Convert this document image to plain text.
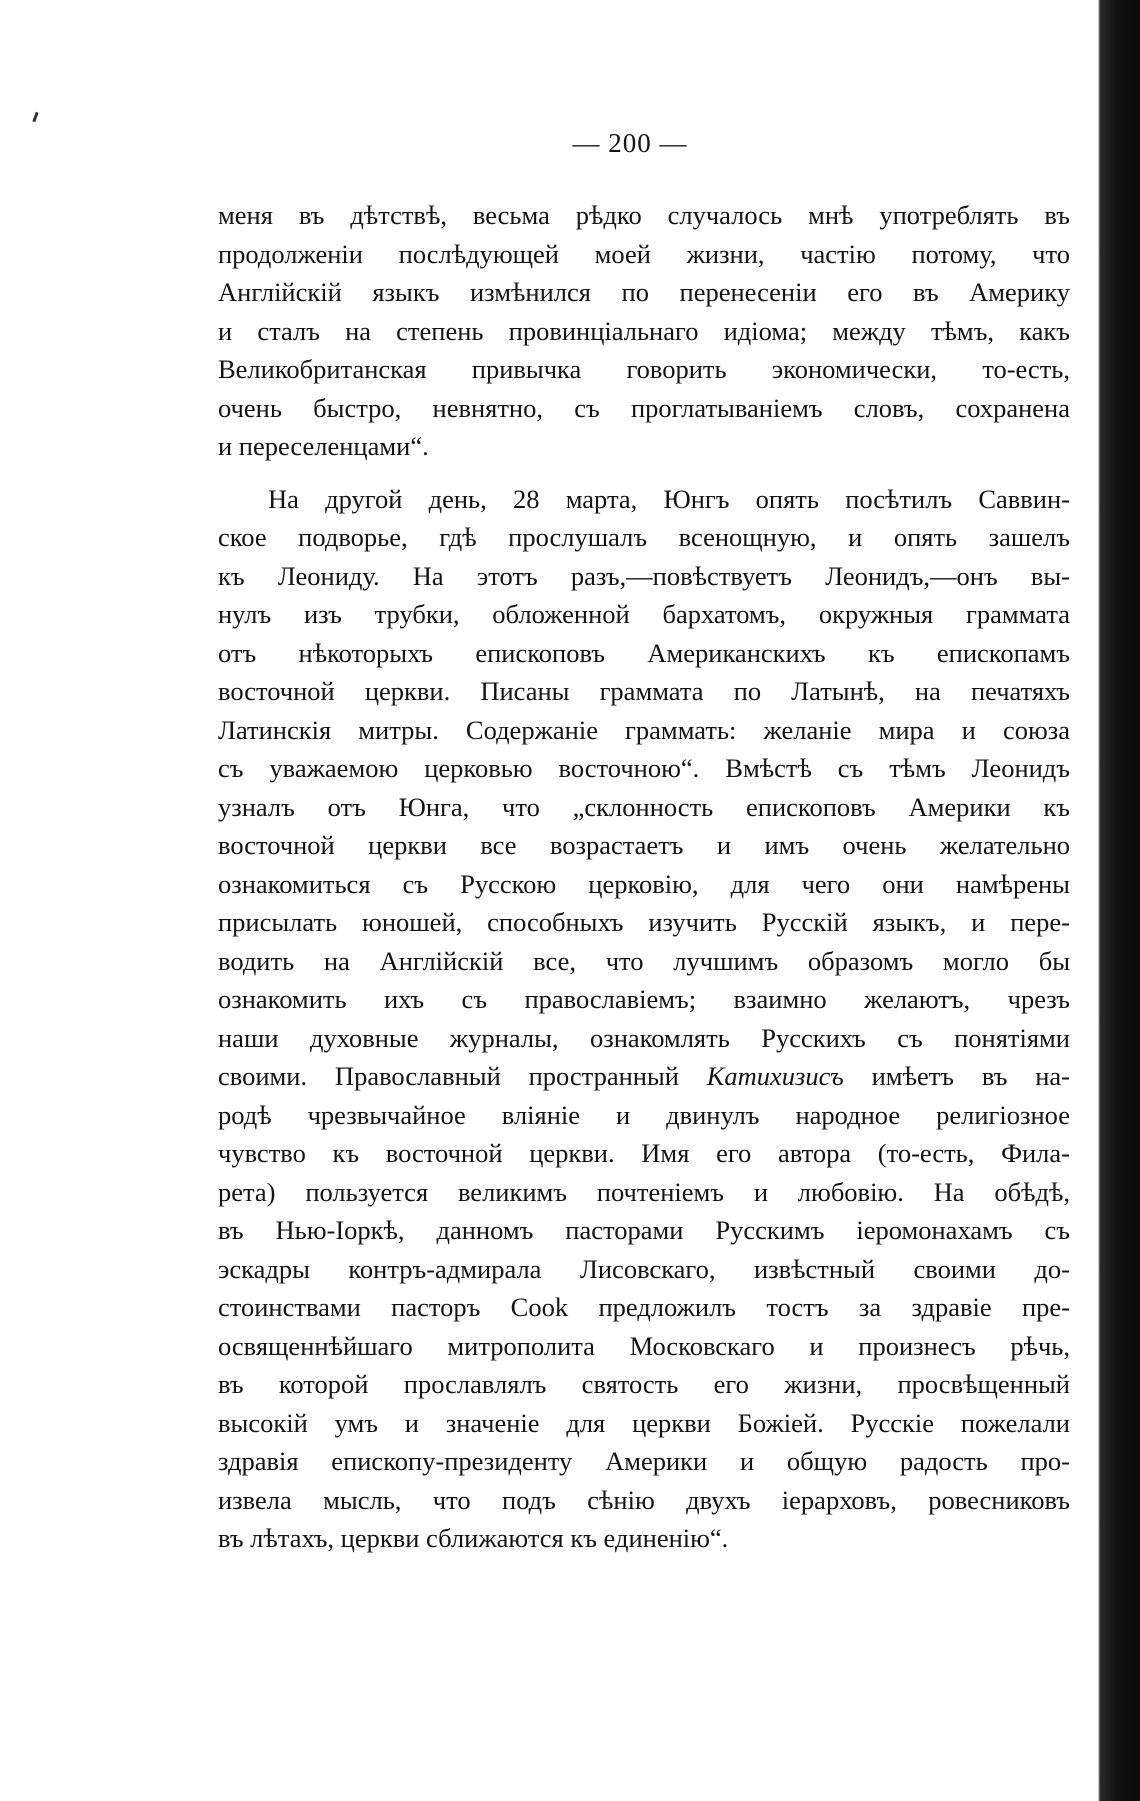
— 200 —
меня въ дѣтствѣ, весьма рѣдко случалось мнѣ употреблять въ
продолженіи послѣдующей моей жизни, частію потому, что
Англійскій языкъ измѣнился по перенесеніи его въ Америку
и сталъ на степень провинціальнаго идіома; между тѣмъ, какъ
Великобританская привычка говорить экономически, то-есть,
очень быстро, невнятно, съ проглатываніемъ словъ, сохранена
и переселенцами“.
На другой день, 28 марта, Юнгъ опять посѣтилъ Саввин-
ское подворье, гдѣ прослушалъ всенощную, и опять зашелъ
къ Леониду. На этотъ разъ,—повѣствуетъ Леонидъ,—онъ вы-
нулъ изъ трубки, обложенной бархатомъ, окружныя граммата
отъ нѣкоторыхъ епископовъ Американскихъ къ епископамъ
восточной церкви. Писаны граммата по Латынѣ, на печатяхъ
Латинскія митры. Содержаніе граммать: желаніе мира и союза
съ уважаемою церковью восточною“. Вмѣстѣ съ тѣмъ Леонидъ
узналъ отъ Юнга, что „склонность епископовъ Америки къ
восточной церкви все возрастаетъ и имъ очень желательно
ознакомиться съ Русскою церковію, для чего они намѣрены
присылать юношей, способныхъ изучить Русскій языкъ, и пере-
водить на Англійскій все, что лучшимъ образомъ могло бы
ознакомить ихъ съ православіемъ; взаимно желаютъ, чрезъ
наши духовные журналы, ознакомлять Русскихъ съ понятіями
своими. Православный пространный Катихизисъ имѣетъ въ на-
родѣ чрезвычайное вліяніе и двинулъ народное религіозное
чувство къ восточной церкви. Имя его автора (то-есть, Фила-
рета) пользуется великимъ почтеніемъ и любовію. На обѣдѣ,
въ Нью-Іоркѣ, данномъ пасторами Русскимъ іеромонахамъ съ
эскадры контръ-адмирала Лисовскаго, извѣстный своими до-
стоинствами пасторъ Cook предложилъ тостъ за здравіе пре-
освященнѣйшаго митрополита Московскаго и произнесъ рѣчь,
въ которой прославлялъ святость его жизни, просвѣщенный
высокій умъ и значеніе для церкви Божіей. Русскіе пожелали
здравія епископу-президенту Америки и общую радость про-
извела мысль, что подъ сѣнію двухъ іерарховъ, ровесниковъ
въ лѣтахъ, церкви сближаются къ единенію“.
